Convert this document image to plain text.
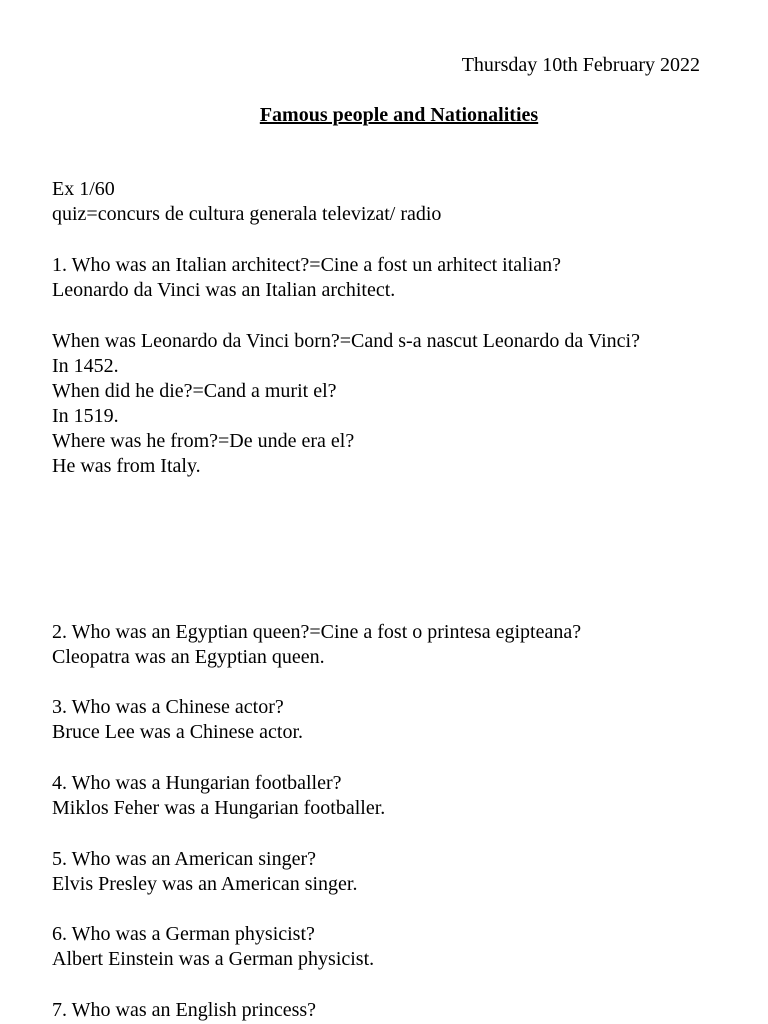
Thursday 10th February 2022
Famous people and Nationalities
Ex 1/60
quiz=concurs de cultura generala televizat/ radio
1. Who was an Italian architect?=Cine a fost un arhitect italian?
Leonardo da Vinci was an Italian architect.
When was Leonardo da Vinci born?=Cand s-a nascut Leonardo da Vinci?
In 1452.
When did he die?=Cand a murit el?
In 1519.
Where was he from?=De unde era el?
He was from Italy.
2. Who was an Egyptian queen?=Cine a fost o printesa egipteana?
Cleopatra was an Egyptian queen.
3. Who was a Chinese actor?
Bruce Lee was a Chinese actor.
4. Who was a Hungarian footballer?
Miklos Feher was a Hungarian footballer.
5. Who was an American singer?
Elvis Presley was an American singer.
6. Who was a German physicist?
Albert Einstein was a German physicist.
7. Who was an English princess?
